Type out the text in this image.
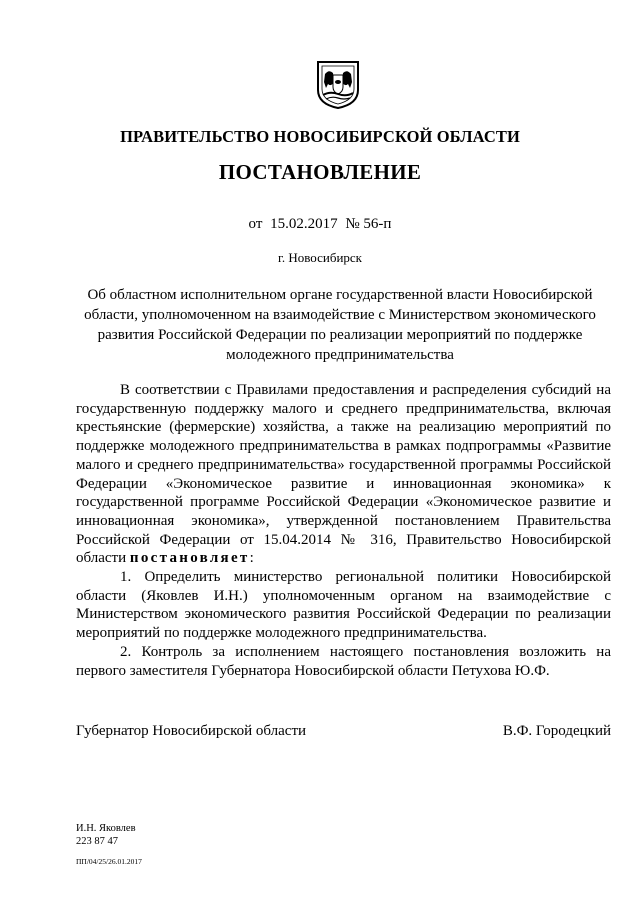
ПРАВИТЕЛЬСТВО НОВОСИБИРСКОЙ ОБЛАСТИ
ПОСТАНОВЛЕНИЕ
от 15.02.2017 № 56-п
г. Новосибирск
Об областном исполнительном органе государственной власти Новосибирской области, уполномоченном на взаимодействие с Министерством экономического развития Российской Федерации по реализации мероприятий по поддержке молодежного предпринимательства

В соответствии с Правилами предоставления и распределения субсидий на государственную поддержку малого и среднего предпринимательства, включая крестьянские (фермерские) хозяйства, а также на реализацию мероприятий по поддержке молодежного предпринимательства в рамках подпрограммы «Развитие малого и среднего предпринимательства» государственной программы Российской Федерации «Экономическое развитие и инновационная экономика» к государственной программе Российской Федерации «Экономическое развитие и инновационная экономика», утвержденной постановлением Правительства Российской Федерации от 15.04.2014 № 316, Правительство Новосибирской области постановляет:

1. Определить министерство региональной политики Новосибирской области (Яковлев И.Н.) уполномоченным органом на взаимодействие с Министерством экономического развития Российской Федерации по реализации мероприятий по поддержке молодежного предпринимательства.

2. Контроль за исполнением настоящего постановления возложить на первого заместителя Губернатора Новосибирской области Петухова Ю.Ф.

Губернатор Новосибирской области	В.Ф. Городецкий
И.Н. Яковлев
223 87 47
ПП/04/25/26.01.2017
